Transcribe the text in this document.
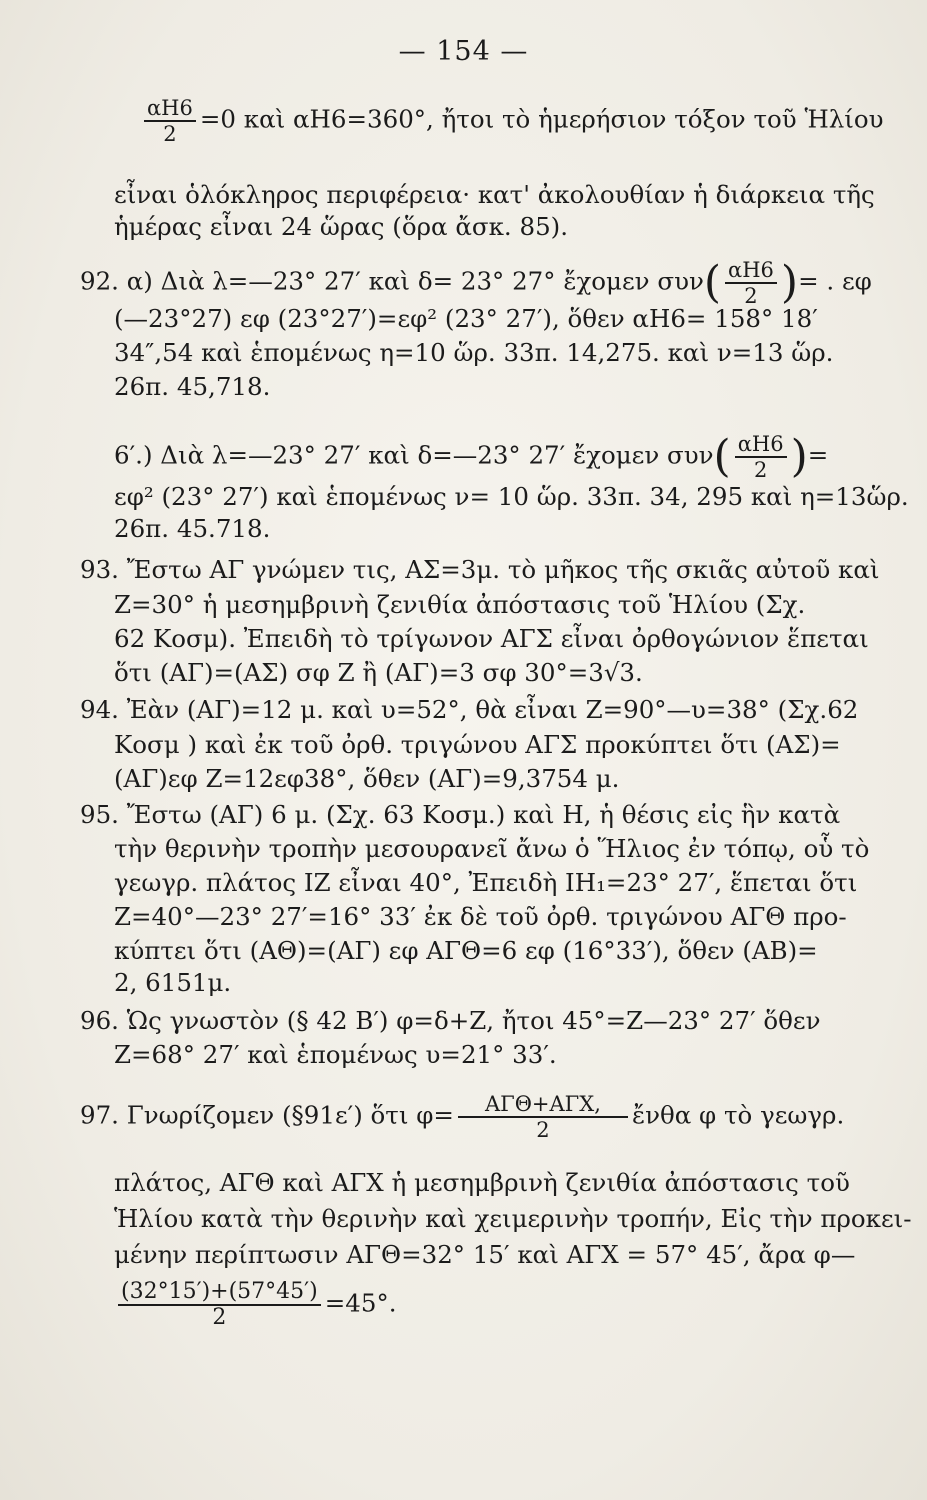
— 154 —
$\frac{\alpha H6}{2} =0$ καὶ αΗ6=360°, ἤτοι τὸ ἡμερήσιον τόξον τοῦ Ἡλίου
εἶναι ὁλόκληρος περιφέρεια· κατ' ἀκολουθίαν ἡ διάρκεια τῆς
ἡμέρας εἶναι 24 ὥρας (ὅρα ἄσκ. 85).
92. α) Διὰ λ=—23° 27′ καὶ δ= 23° 27° ἔχομεν $\sigma\upsilon\nu( \frac{\alpha H6}{2}$ )= . εφ
(—23°27) εφ (23°27′)=εφ² (23° 27′), ὅθεν αΗ6= 158° 18′
34″,54 καὶ ἑπομένως η=10 ὥρ. 33π. 14,275. καὶ ν=13 ὥρ.
26π. 45,718.
6′.) Διὰ λ=—23° 27′ καὶ δ=—23° 27′ ἔχομεν $\sigma\upsilon\nu( \frac{\alpha H6}{2}$ )=
εφ² (23° 27′) καὶ ἑπομένως ν= 10 ὥρ. 33π. 34, 295 καὶ η=13ὥρ.
26π. 45.718.
93. Ἔστω ΑΓ γνώμεν τις, ΑΣ=3μ. τὸ μῆκος τῆς σκιᾶς αὐτοῦ καὶ
Ζ=30° ἡ μεσημβρινὴ ζενιθία ἀπόστασις τοῦ Ἡλίου (Σχ.
62 Κοσμ). Ἐπειδὴ τὸ τρίγωνον ΑΓΣ εἶναι ὀρθογώνιον ἕπεται
ὅτι (ΑΓ)=(ΑΣ) σφ Ζ ἢ (ΑΓ)=3 σφ 30°=3√3.
94. Ἐὰν (ΑΓ)=12 μ. καὶ υ=52°, θὰ εἶναι Ζ=90°—υ=38° (Σχ.62
Κοσμ ) καὶ ἐκ τοῦ ὀρθ. τριγώνου ΑΓΣ προκύπτει ὅτι (ΑΣ)=
(ΑΓ)εφ Ζ=12εφ38°, ὅθεν (ΑΓ)=9,3754 μ.
95. Ἔστω (ΑΓ) 6 μ. (Σχ. 63 Κοσμ.) καὶ Η, ἡ θέσις εἰς ἣν κατὰ
τὴν θερινὴν τροπὴν μεσουρανεῖ ἄνω ὁ Ἥλιος ἐν τόπῳ, οὗ τὸ
γεωγρ. πλάτος ΙΖ εἶναι 40°, Ἐπειδὴ ΙΗ₁=23° 27′, ἕπεται ὅτι
Ζ=40°—23° 27′=16° 33′ ἐκ δὲ τοῦ ὀρθ. τριγώνου ΑΓΘ προ-
κύπτει ὅτι (ΑΘ)=(ΑΓ) εφ ΑΓΘ=6 εφ (16°33′), ὅθεν (ΑΒ)=
2, 6151μ.
96. Ὡς γνωστὸν (§ 42 Β′) φ=δ+Ζ, ἤτοι 45°=Ζ—23° 27′ ὅθεν
Ζ=68° 27′ καὶ ἑπομένως υ=21° 33′.
97. Γνωρίζομεν (§91ε′) ὅτι $\varphi= \frac{\text{ΑΓΘ+ΑΓΧ,}}{2}$ ἔνθα φ τὸ γεωγρ.
πλάτος, ΑΓΘ καὶ ΑΓΧ ἡ μεσημβρινὴ ζενιθία ἀπόστασις τοῦ
Ἡλίου κατὰ τὴν θερινὴν καὶ χειμερινὴν τροπήν, Εἰς τὴν προκει-
μένην περίπτωσιν ΑΓΘ=32° 15′ καὶ ΑΓΧ = 57° 45′, ἄρα φ—
$\frac{(32^\circ 15')+(57^\circ 45')}{2} =45^\circ$.
